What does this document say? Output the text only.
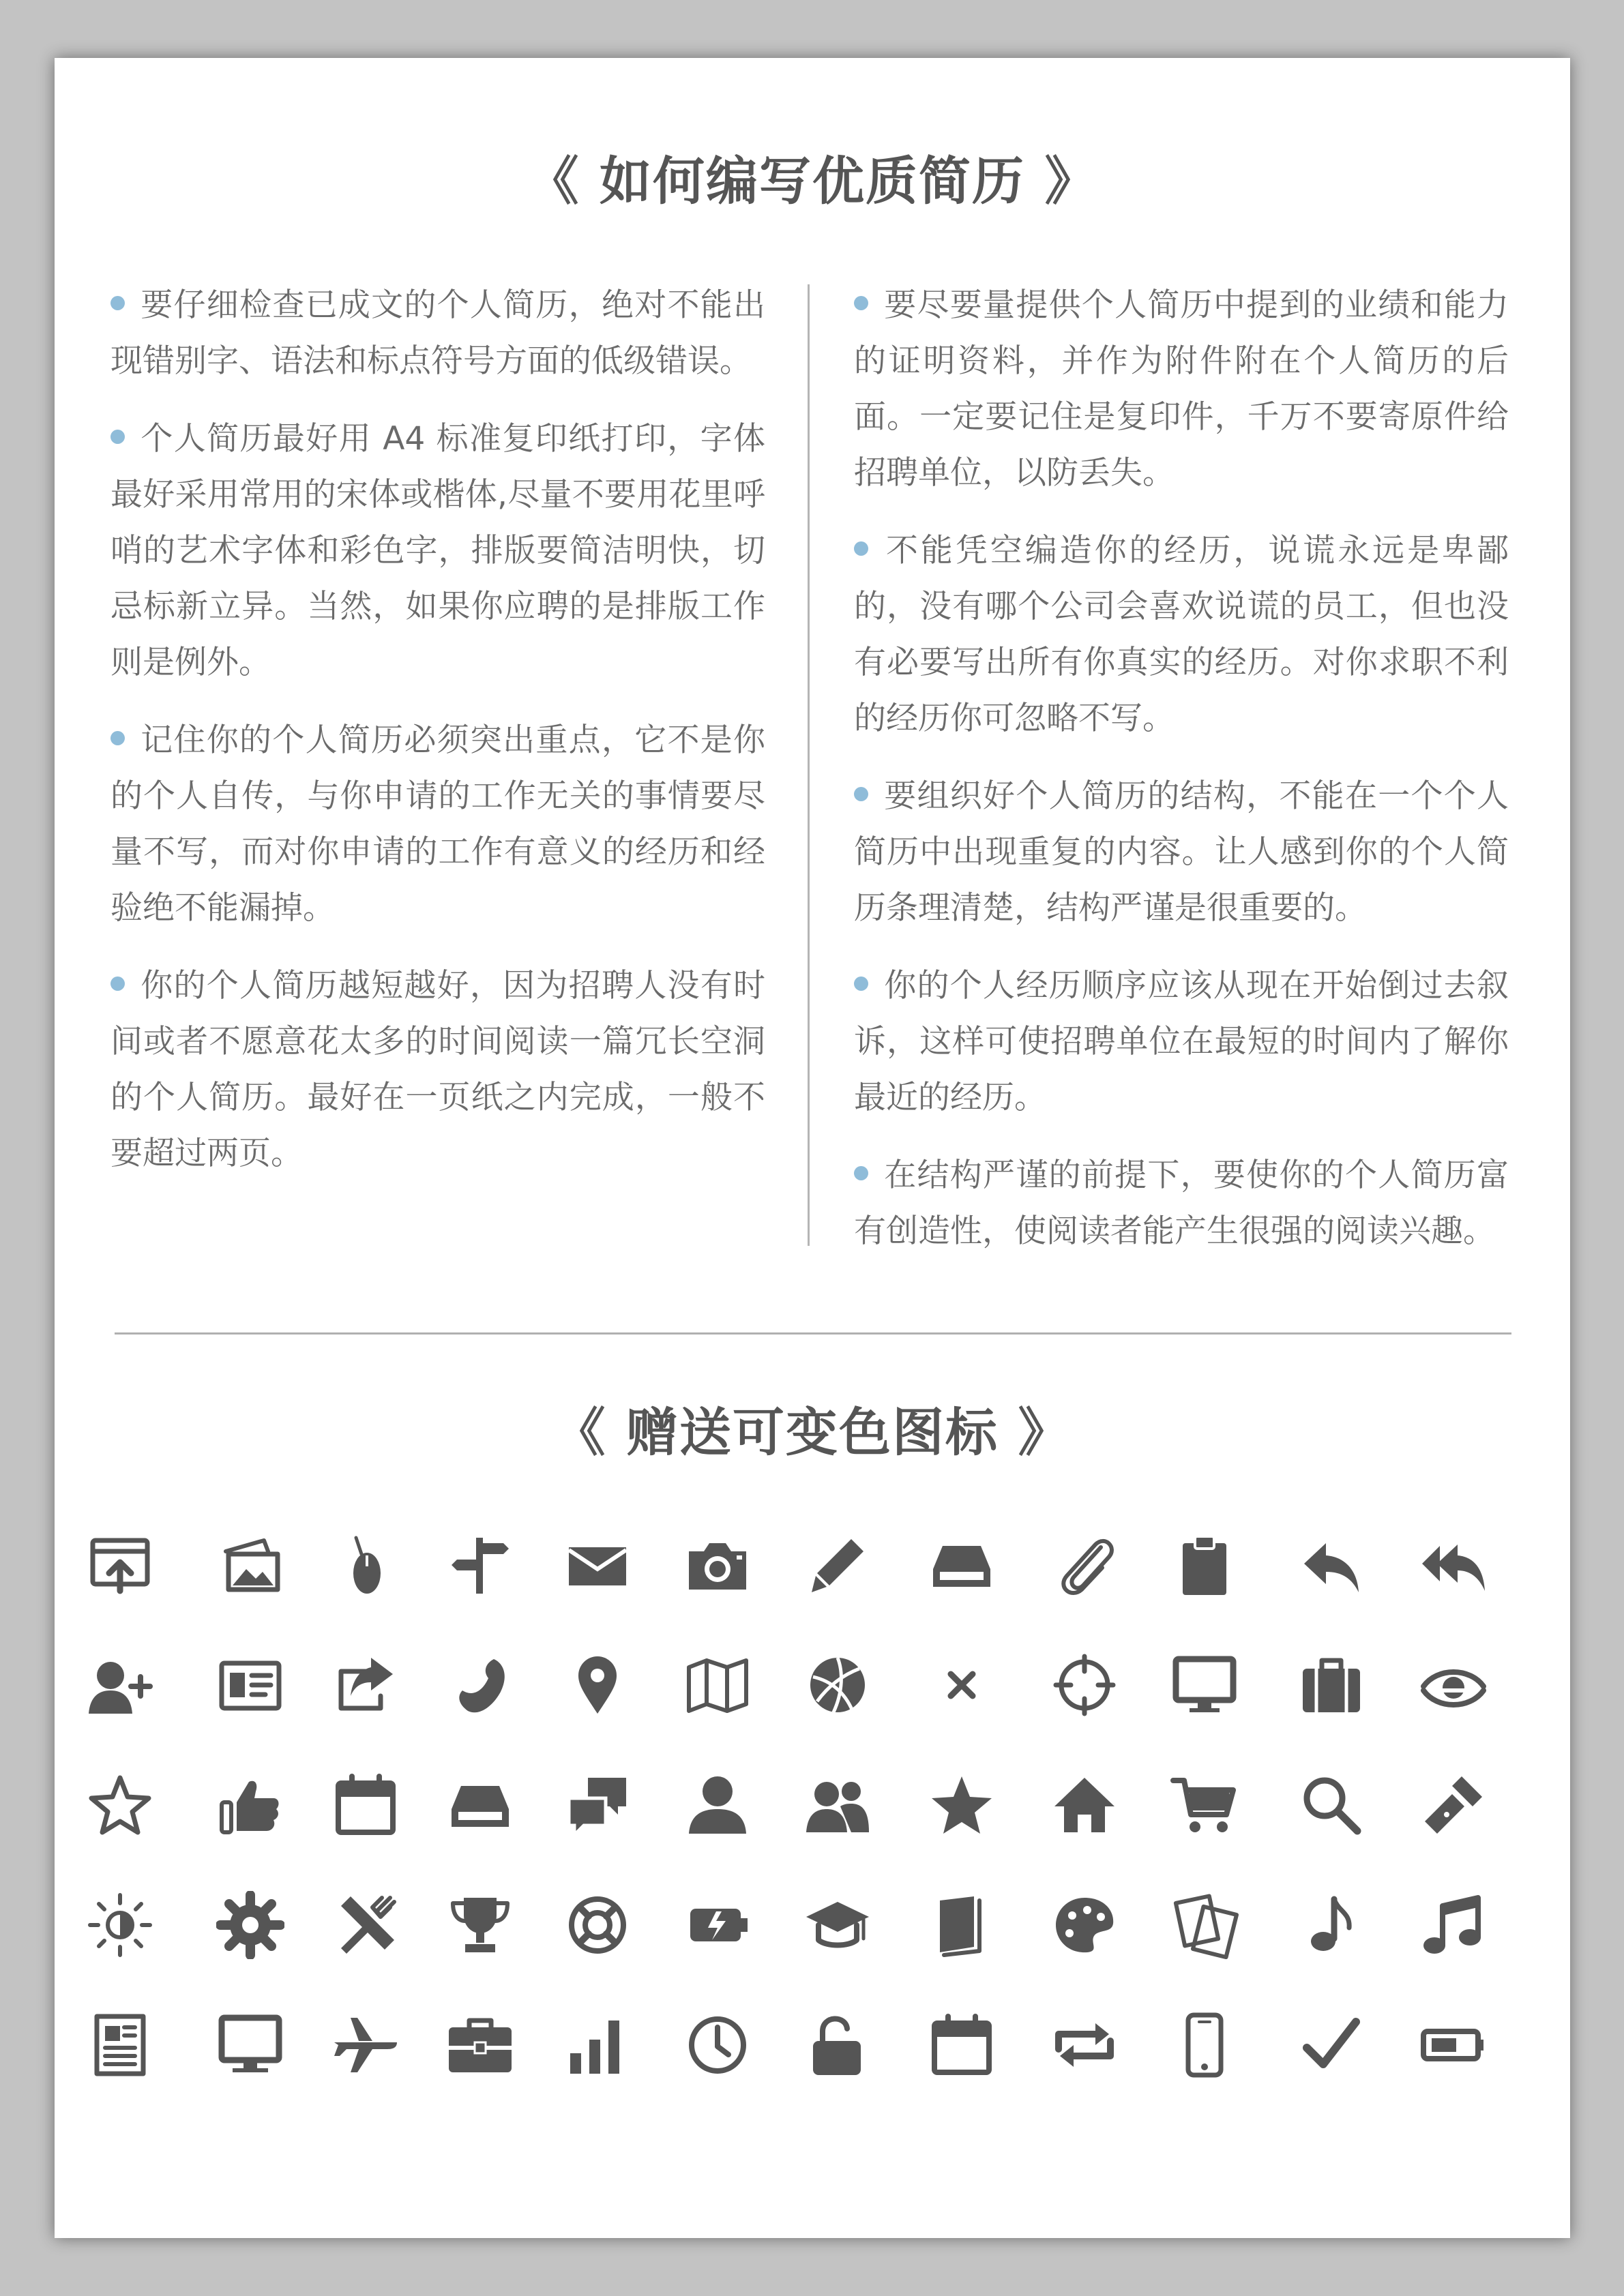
《 如何编写优质简历 》

要仔细检查已成文的个人简历，绝对不能出现错别字、语法和标点符号方面的低级错误。

个人简历最好用 A4 标准复印纸打印，字体最好采用常用的宋体或楷体,尽量不要用花里呼哨的艺术字体和彩色字，排版要简洁明快，切忌标新立异。当然，如果你应聘的是排版工作则是例外。

记住你的个人简历必须突出重点，它不是你的个人自传，与你申请的工作无关的事情要尽量不写，而对你申请的工作有意义的经历和经验绝不能漏掉。

你的个人简历越短越好，因为招聘人没有时间或者不愿意花太多的时间阅读一篇冗长空洞的个人简历。最好在一页纸之内完成，一般不要超过两页。

要尽要量提供个人简历中提到的业绩和能力的证明资料，并作为附件附在个人简历的后面。一定要记住是复印件，千万不要寄原件给招聘单位，以防丢失。

不能凭空编造你的经历，说谎永远是卑鄙的，没有哪个公司会喜欢说谎的员工，但也没有必要写出所有你真实的经历。对你求职不利的经历你可忽略不写。

要组织好个人简历的结构，不能在一个个人简历中出现重复的内容。让人感到你的个人简历条理清楚，结构严谨是很重要的。

你的个人经历顺序应该从现在开始倒过去叙诉，这样可使招聘单位在最短的时间内了解你最近的经历。

在结构严谨的前提下，要使你的个人简历富有创造性，使阅读者能产生很强的阅读兴趣。

《 赠送可变色图标 》
